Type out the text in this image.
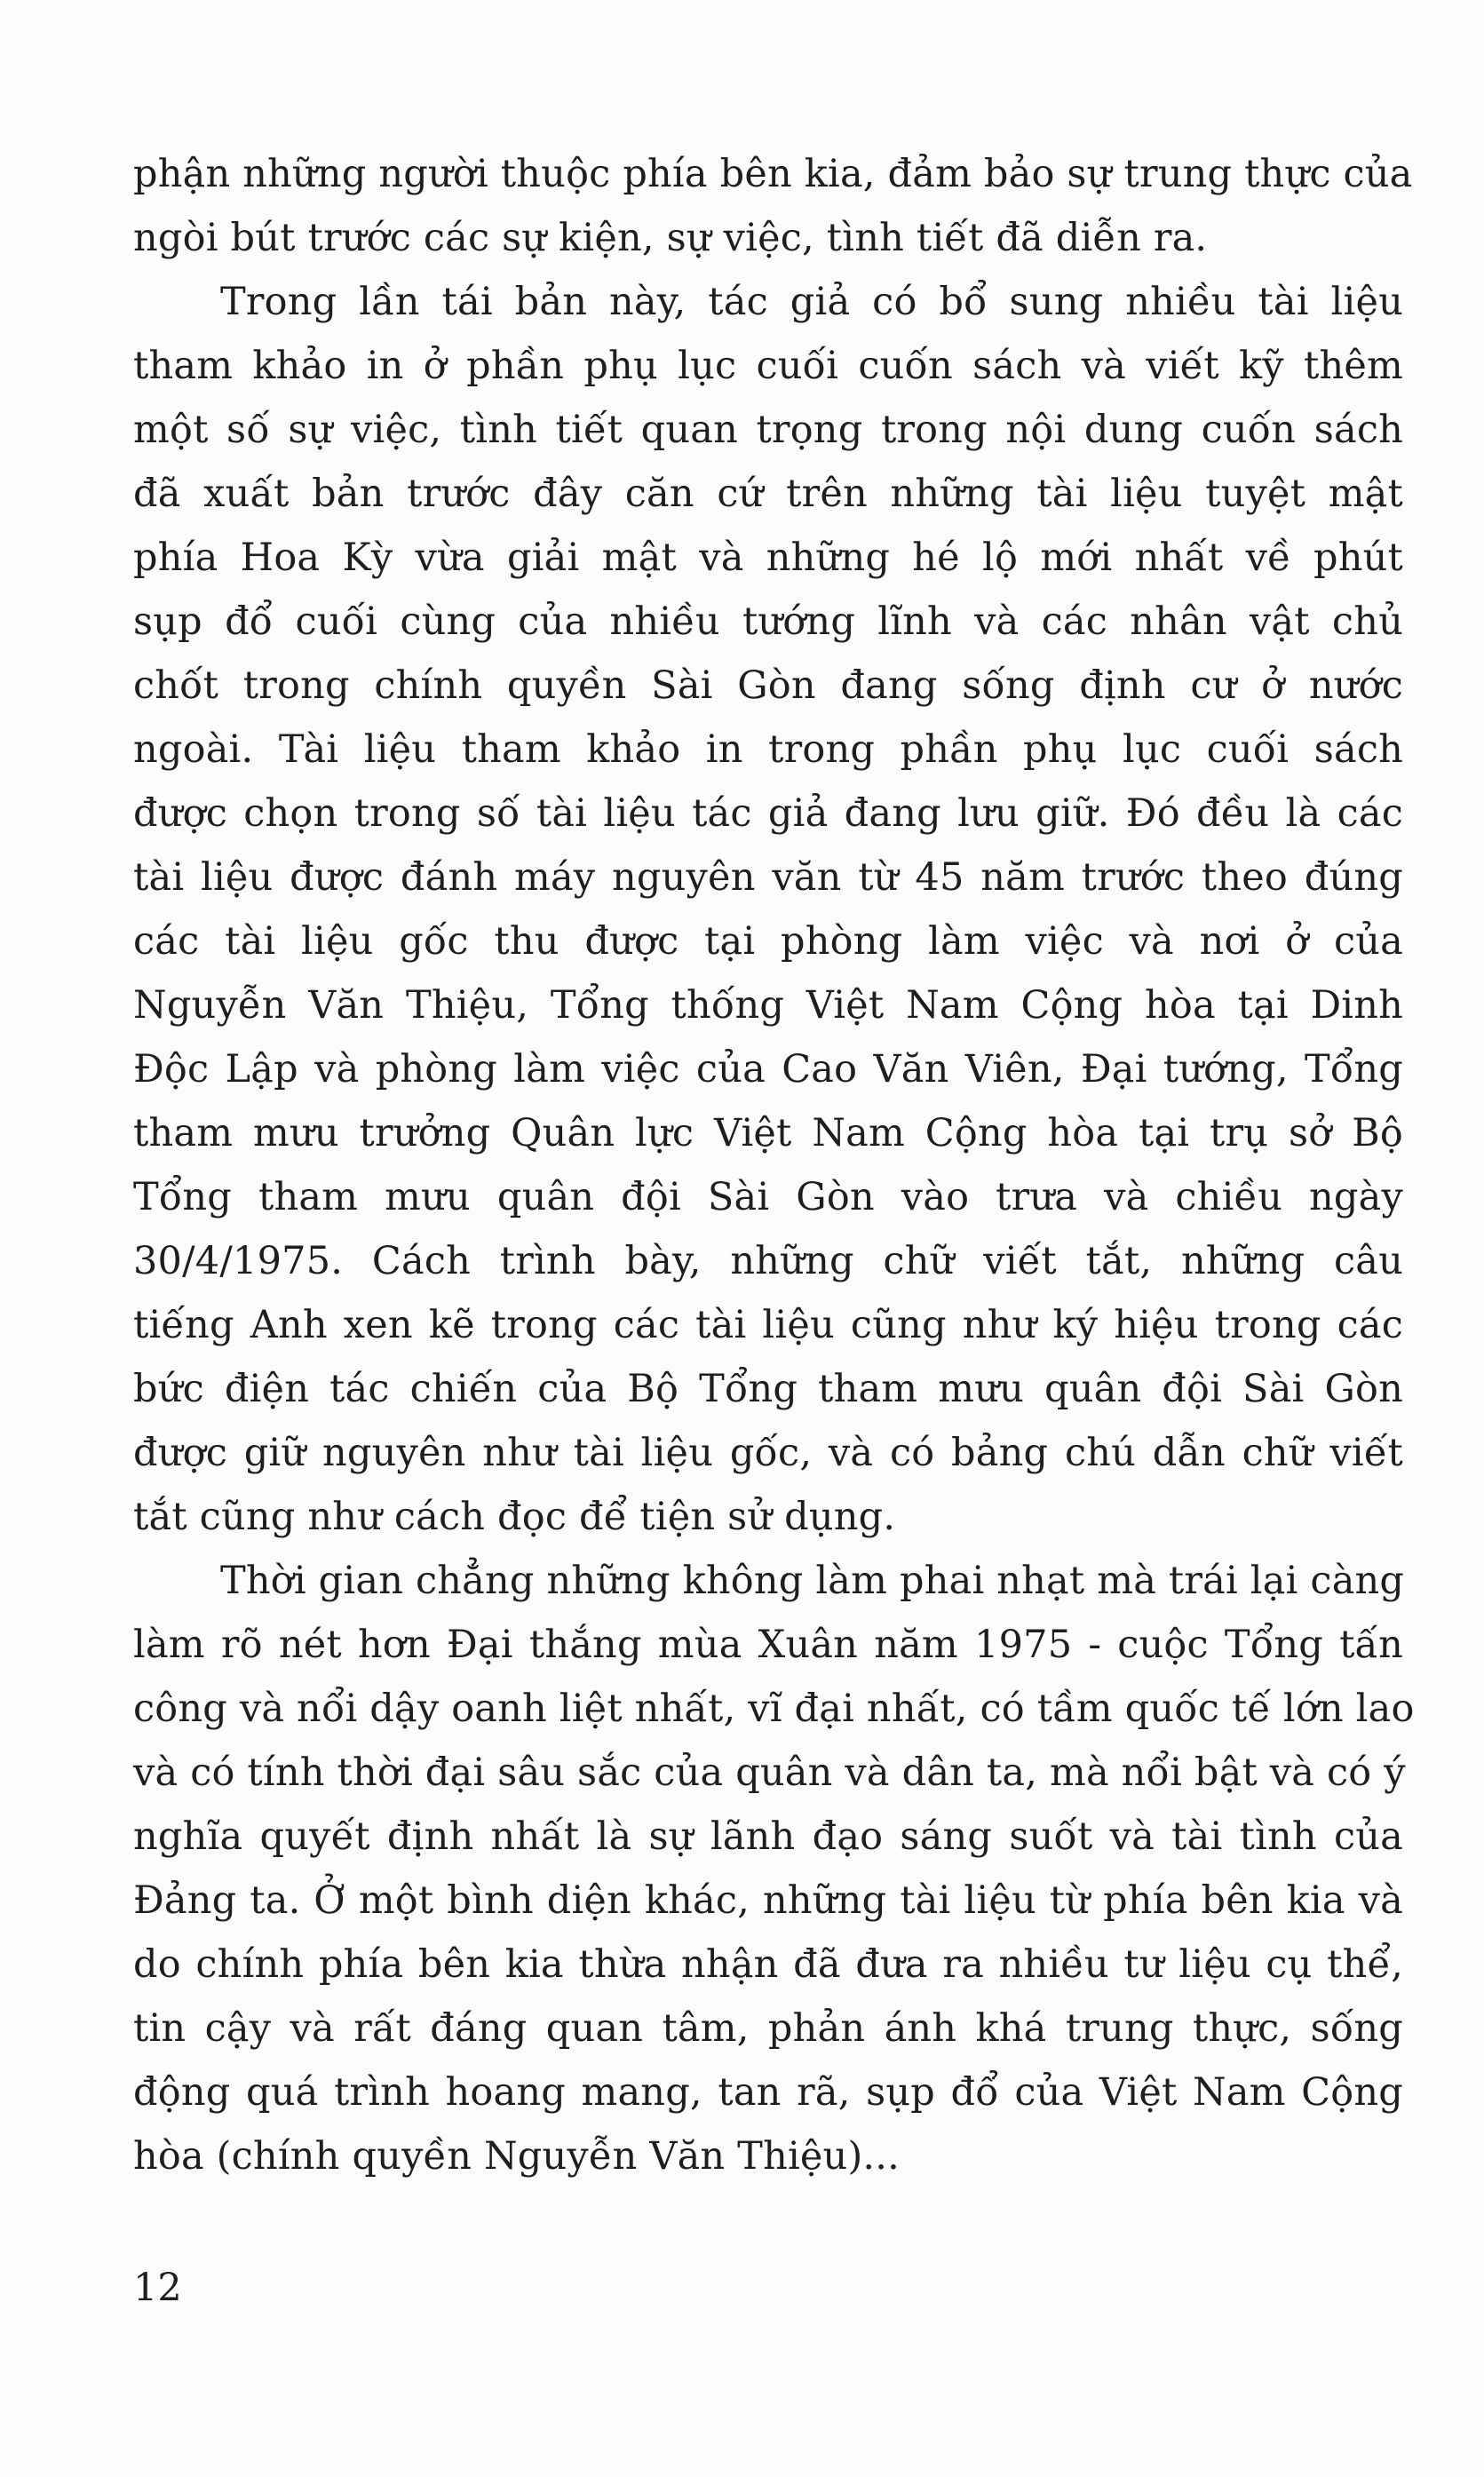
phận những người thuộc phía bên kia, đảm bảo sự trung thực của
ngòi bút trước các sự kiện, sự việc, tình tiết đã diễn ra.
Trong lần tái bản này, tác giả có bổ sung nhiều tài liệu
tham khảo in ở phần phụ lục cuối cuốn sách và viết kỹ thêm
một số sự việc, tình tiết quan trọng trong nội dung cuốn sách
đã xuất bản trước đây căn cứ trên những tài liệu tuyệt mật
phía Hoa Kỳ vừa giải mật và những hé lộ mới nhất về phút
sụp đổ cuối cùng của nhiều tướng lĩnh và các nhân vật chủ
chốt trong chính quyền Sài Gòn đang sống định cư ở nước
ngoài. Tài liệu tham khảo in trong phần phụ lục cuối sách
được chọn trong số tài liệu tác giả đang lưu giữ. Đó đều là các
tài liệu được đánh máy nguyên văn từ 45 năm trước theo đúng
các tài liệu gốc thu được tại phòng làm việc và nơi ở của
Nguyễn Văn Thiệu, Tổng thống Việt Nam Cộng hòa tại Dinh
Độc Lập và phòng làm việc của Cao Văn Viên, Đại tướng, Tổng
tham mưu trưởng Quân lực Việt Nam Cộng hòa tại trụ sở Bộ
Tổng tham mưu quân đội Sài Gòn vào trưa và chiều ngày
30/4/1975. Cách trình bày, những chữ viết tắt, những câu
tiếng Anh xen kẽ trong các tài liệu cũng như ký hiệu trong các
bức điện tác chiến của Bộ Tổng tham mưu quân đội Sài Gòn
được giữ nguyên như tài liệu gốc, và có bảng chú dẫn chữ viết
tắt cũng như cách đọc để tiện sử dụng.
Thời gian chẳng những không làm phai nhạt mà trái lại càng
làm rõ nét hơn Đại thắng mùa Xuân năm 1975 - cuộc Tổng tấn
công và nổi dậy oanh liệt nhất, vĩ đại nhất, có tầm quốc tế lớn lao
và có tính thời đại sâu sắc của quân và dân ta, mà nổi bật và có ý
nghĩa quyết định nhất là sự lãnh đạo sáng suốt và tài tình của
Đảng ta. Ở một bình diện khác, những tài liệu từ phía bên kia và
do chính phía bên kia thừa nhận đã đưa ra nhiều tư liệu cụ thể,
tin cậy và rất đáng quan tâm, phản ánh khá trung thực, sống
động quá trình hoang mang, tan rã, sụp đổ của Việt Nam Cộng
hòa (chính quyền Nguyễn Văn Thiệu)...
12
